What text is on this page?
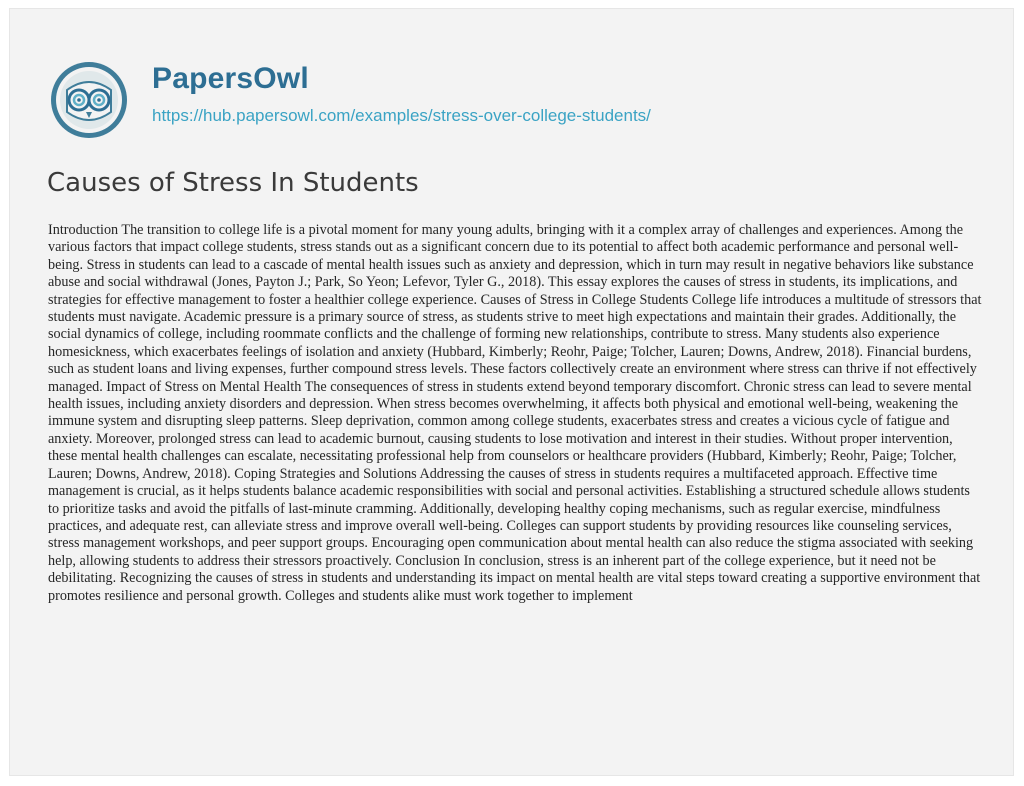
PapersOwl
https://hub.papersowl.com/examples/stress-over-college-students/
Causes of Stress In Students

Introduction The transition to college life is a pivotal moment for many young adults, bringing with it a complex array of challenges and experiences. Among the various factors that impact college students, stress stands out as a significant concern due to its potential to affect both academic performance and personal well-being. Stress in students can lead to a cascade of mental health issues such as anxiety and depression, which in turn may result in negative behaviors like substance abuse and social withdrawal (Jones, Payton J.; Park, So Yeon; Lefevor, Tyler G., 2018). This essay explores the causes of stress in students, its implications, and strategies for effective management to foster a healthier college experience. Causes of Stress in College Students College life introduces a multitude of stressors that students must navigate. Academic pressure is a primary source of stress, as students strive to meet high expectations and maintain their grades. Additionally, the social dynamics of college, including roommate conflicts and the challenge of forming new relationships, contribute to stress. Many students also experience homesickness, which exacerbates feelings of isolation and anxiety (Hubbard, Kimberly; Reohr, Paige; Tolcher, Lauren; Downs, Andrew, 2018). Financial burdens, such as student loans and living expenses, further compound stress levels. These factors collectively create an environment where stress can thrive if not effectively managed. Impact of Stress on Mental Health The consequences of stress in students extend beyond temporary discomfort. Chronic stress can lead to severe mental health issues, including anxiety disorders and depression. When stress becomes overwhelming, it affects both physical and emotional well-being, weakening the immune system and disrupting sleep patterns. Sleep deprivation, common among college students, exacerbates stress and creates a vicious cycle of fatigue and anxiety. Moreover, prolonged stress can lead to academic burnout, causing students to lose motivation and interest in their studies. Without proper intervention, these mental health challenges can escalate, necessitating professional help from counselors or healthcare providers (Hubbard, Kimberly; Reohr, Paige; Tolcher, Lauren; Downs, Andrew, 2018). Coping Strategies and Solutions Addressing the causes of stress in students requires a multifaceted approach. Effective time management is crucial, as it helps students balance academic responsibilities with social and personal activities. Establishing a structured schedule allows students to prioritize tasks and avoid the pitfalls of last-minute cramming. Additionally, developing healthy coping mechanisms, such as regular exercise, mindfulness practices, and adequate rest, can alleviate stress and improve overall well-being. Colleges can support students by providing resources like counseling services, stress management workshops, and peer support groups. Encouraging open communication about mental health can also reduce the stigma associated with seeking help, allowing students to address their stressors proactively. Conclusion In conclusion, stress is an inherent part of the college experience, but it need not be debilitating. Recognizing the causes of stress in students and understanding its impact on mental health are vital steps toward creating a supportive environment that promotes resilience and personal growth. Colleges and students alike must work together to implement
